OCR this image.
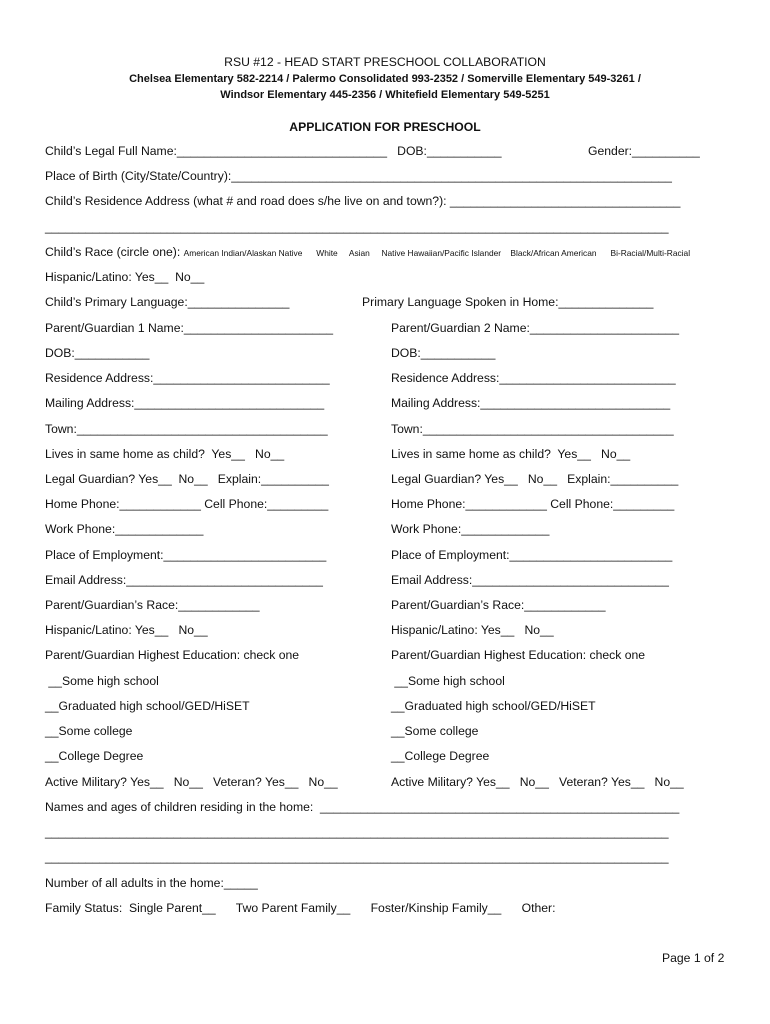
RSU #12 - HEAD START PRESCHOOL COLLABORATION
Chelsea Elementary 582-2214 / Palermo Consolidated 993-2352 / Somerville Elementary 549-3261 /
Windsor Elementary 445-2356 / Whitefield Elementary 549-5251
APPLICATION FOR PRESCHOOL
Child’s Legal Full Name:_______________________________   DOB:___________	Gender:__________
Place of Birth (City/State/Country):_________________________________________________________________
Child’s Residence Address (what # and road does s/he live on and town?): __________________________________
____________________________________________________________________________________________
Child’s Race (circle one): American Indian/Alaskan Native      White     Asian     Native Hawaiian/Pacific Islander    Black/African American      Bi-Racial/Multi-Racial
Hispanic/Latino: Yes__  No__
Child’s Primary Language:_______________	Primary Language Spoken in Home:______________
Parent/Guardian 1 Name:______________________
DOB:___________
Residence Address:__________________________
Mailing Address:____________________________
Town:_____________________________________
Lives in same home as child?  Yes__   No__
Legal Guardian? Yes__  No__   Explain:__________
Home Phone:____________ Cell Phone:_________
Work Phone:_____________
Place of Employment:________________________
Email Address:_____________________________
Parent/Guardian’s Race:____________
Hispanic/Latino: Yes__   No__
Parent/Guardian Highest Education: check one
__Some high school
__Graduated high school/GED/HiSET
__Some college
__College Degree
Active Military? Yes__   No__   Veteran? Yes__   No__
Parent/Guardian 2 Name:______________________
DOB:___________
Residence Address:__________________________
Mailing Address:____________________________
Town:_____________________________________
Lives in same home as child?  Yes__   No__
Legal Guardian? Yes__   No__   Explain:__________
Home Phone:____________ Cell Phone:_________
Work Phone:_____________
Place of Employment:________________________
Email Address:_____________________________
Parent/Guardian’s Race:____________
Hispanic/Latino: Yes__   No__
Parent/Guardian Highest Education: check one
__Some high school
__Graduated high school/GED/HiSET
__Some college
__College Degree
Active Military? Yes__   No__   Veteran? Yes__   No__
Names and ages of children residing in the home:  _____________________________________________________
____________________________________________________________________________________________
____________________________________________________________________________________________
Number of all adults in the home:_____
Family Status:  Single Parent__      Two Parent Family__      Foster/Kinship Family__      Other:
Page 1 of 2
